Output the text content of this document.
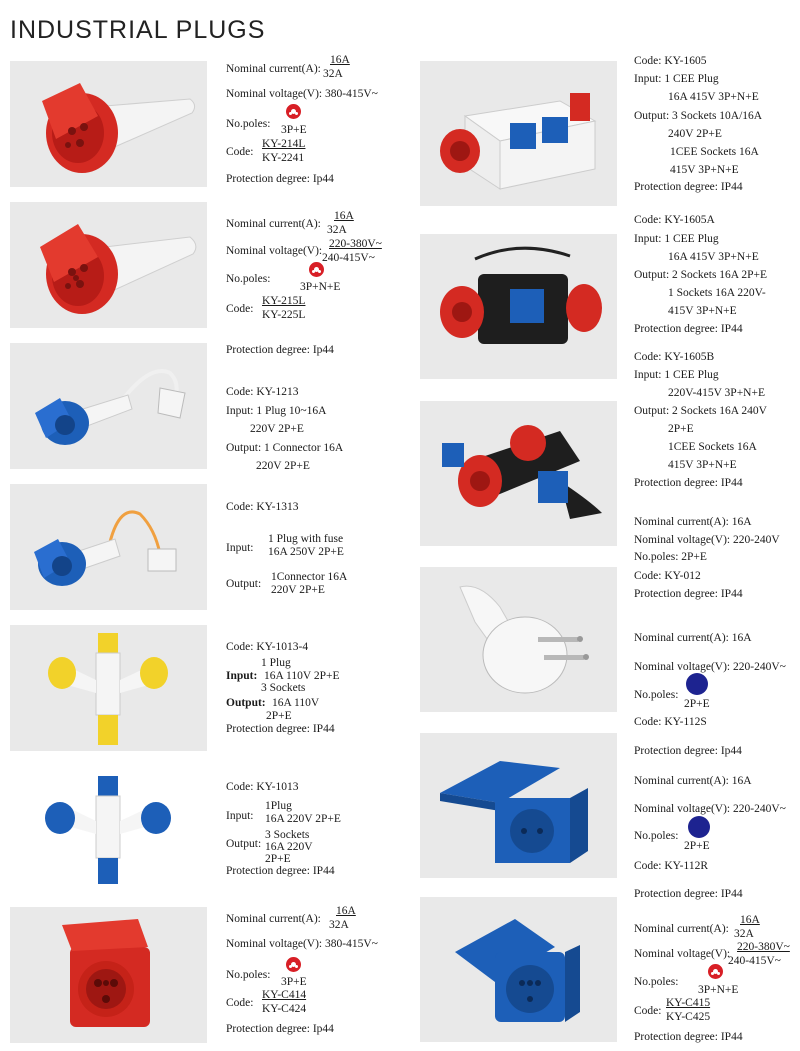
INDUSTRIAL PLUGS
Nominal current(A):
16A
32A
Nominal voltage(V): 380-415V~
No.poles: 3P+E
Code:
KY-214L
KY-2241
Protection degree: Ip44
Nominal current(A):
16A
32A
Nominal voltage(V):
220-380V~
240-415V~
No.poles:
3P+N+E
Code:
KY-215L
KY-225L
Protection degree: Ip44
Code: KY-1213
Input: 1 Plug 10~16A
220V 2P+E
Output: 1 Connector 16A
220V 2P+E
Code: KY-1313
Input:
1 Plug with fuse
16A 250V 2P+E
Output:
1Connector 16A
220V 2P+E
Code: KY-1013-4
1 Plug
Input: 16A 110V 2P+E
3 Sockets
Output: 16A 110V
2P+E
Protection degree: IP44
Code: KY-1013
Input:
1Plug
16A 220V 2P+E
Output:
3 Sockets
16A 220V
2P+E
Protection degree: IP44
Nominal current(A):
16A
32A
Nominal voltage(V): 380-415V~
No.poles:
3P+E
Code:
KY-C414
KY-C424
Protection degree: Ip44
Code: KY-1605
Input: 1 CEE Plug
16A 415V 3P+N+E
Output: 3 Sockets 10A/16A
240V 2P+E
1CEE Sockets 16A
415V 3P+N+E
Protection degree: IP44
Code: KY-1605A
Input: 1 CEE Plug
16A 415V 3P+N+E
Output: 2 Sockets 16A 2P+E
1 Sockets 16A 220V-
415V 3P+N+E
Protection degree: IP44
Code: KY-1605B
Input: 1 CEE Plug
220V-415V 3P+N+E
Output: 2 Sockets 16A 240V
2P+E
1CEE Sockets 16A
415V 3P+N+E
Protection degree: IP44
Nominal current(A): 16A
Nominal voltage(V): 220-240V
No.poles: 2P+E
Code: KY-012
Protection degree: IP44
Nominal current(A): 16A
Nominal voltage(V): 220-240V~
No.poles:
2P+E
Code: KY-112S
Protection degree: Ip44
Nominal current(A): 16A
Nominal voltage(V): 220-240V~
No.poles:
2P+E
Code: KY-112R
Protection degree: IP44
Nominal current(A):
16A
32A
Nominal voltage(V):
220-380V~
240-415V~
No.poles:
3P+N+E
Code:
KY-C415
KY-C425
Protection degree: IP44
